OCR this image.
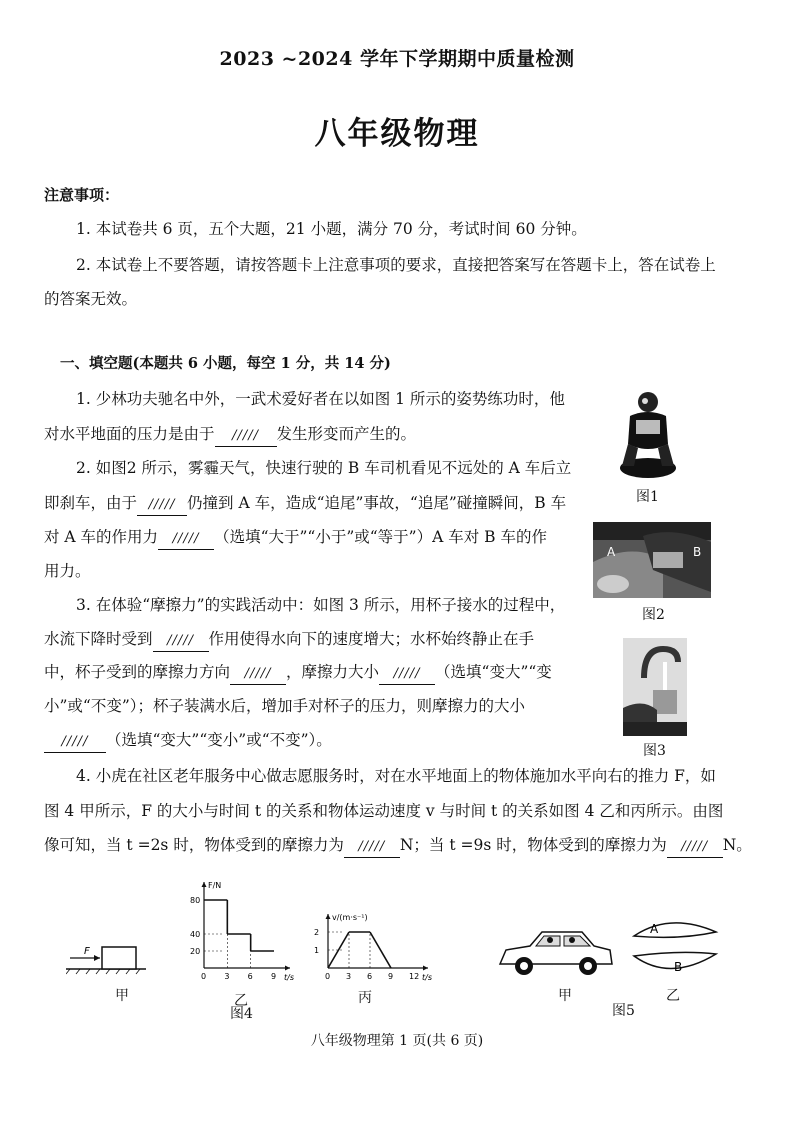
2023 ~2024 学年下学期期中质量检测
八年级物理
注意事项：
1. 本试卷共 6 页，五个大题，21 小题，满分 70 分，考试时间 60 分钟。
2. 本试卷上不要答题，请按答题卡上注意事项的要求，直接把答案写在答题卡上，答在试卷上
的答案无效。
一、填空题(本题共 6 小题，每空 1 分，共 14 分)
1. 少林功夫驰名中外，一武术爱好者在以如图 1 所示的姿势练功时，他
对水平地面的压力是由于 ///// 发生形变而产生的。
2. 如图2 所示，雾霾天气，快速行驶的 B 车司机看见不远处的 A 车后立
即刹车，由于 ///// 仍撞到 A 车，造成“追尾”事故，“追尾”碰撞瞬间，B 车
对 A 车的作用力 ///// （选填“大于”“小于”或“等于”）A 车对 B 车的作
用力。
3. 在体验“摩擦力”的实践活动中：如图 3 所示，用杯子接水的过程中，
水流下降时受到 ///// 作用使得水向下的速度增大；水杯始终静止在手
中，杯子受到的摩擦力方向 ///// ，摩擦力大小 ///// （选填“变大”“变
小”或“不变”）；杯子装满水后，增加手对杯子的压力，则摩擦力的大小
///// （选填“变大”“变小”或“不变”）。
4. 小虎在社区老年服务中心做志愿服务时，对在水平地面上的物体施加水平向右的推力 F，如
图 4 甲所示，F 的大小与时间 t 的关系和物体运动速度 v 与时间 t 的关系如图 4 乙和丙所示。由图
像可知，当 t =2s 时，物体受到的摩擦力为 ///// N；当 t =9s 时，物体受到的摩擦力为 ///// N。
图1
A	B
图2
图3
F
甲
F/N
t/s
0 3 6 9
20
40
80
乙
v/(m·s⁻¹)
t/s
0 3 6 9 12
1
2
丙
图4
甲
A
B
乙
图5
八年级物理第 1 页(共 6 页)
